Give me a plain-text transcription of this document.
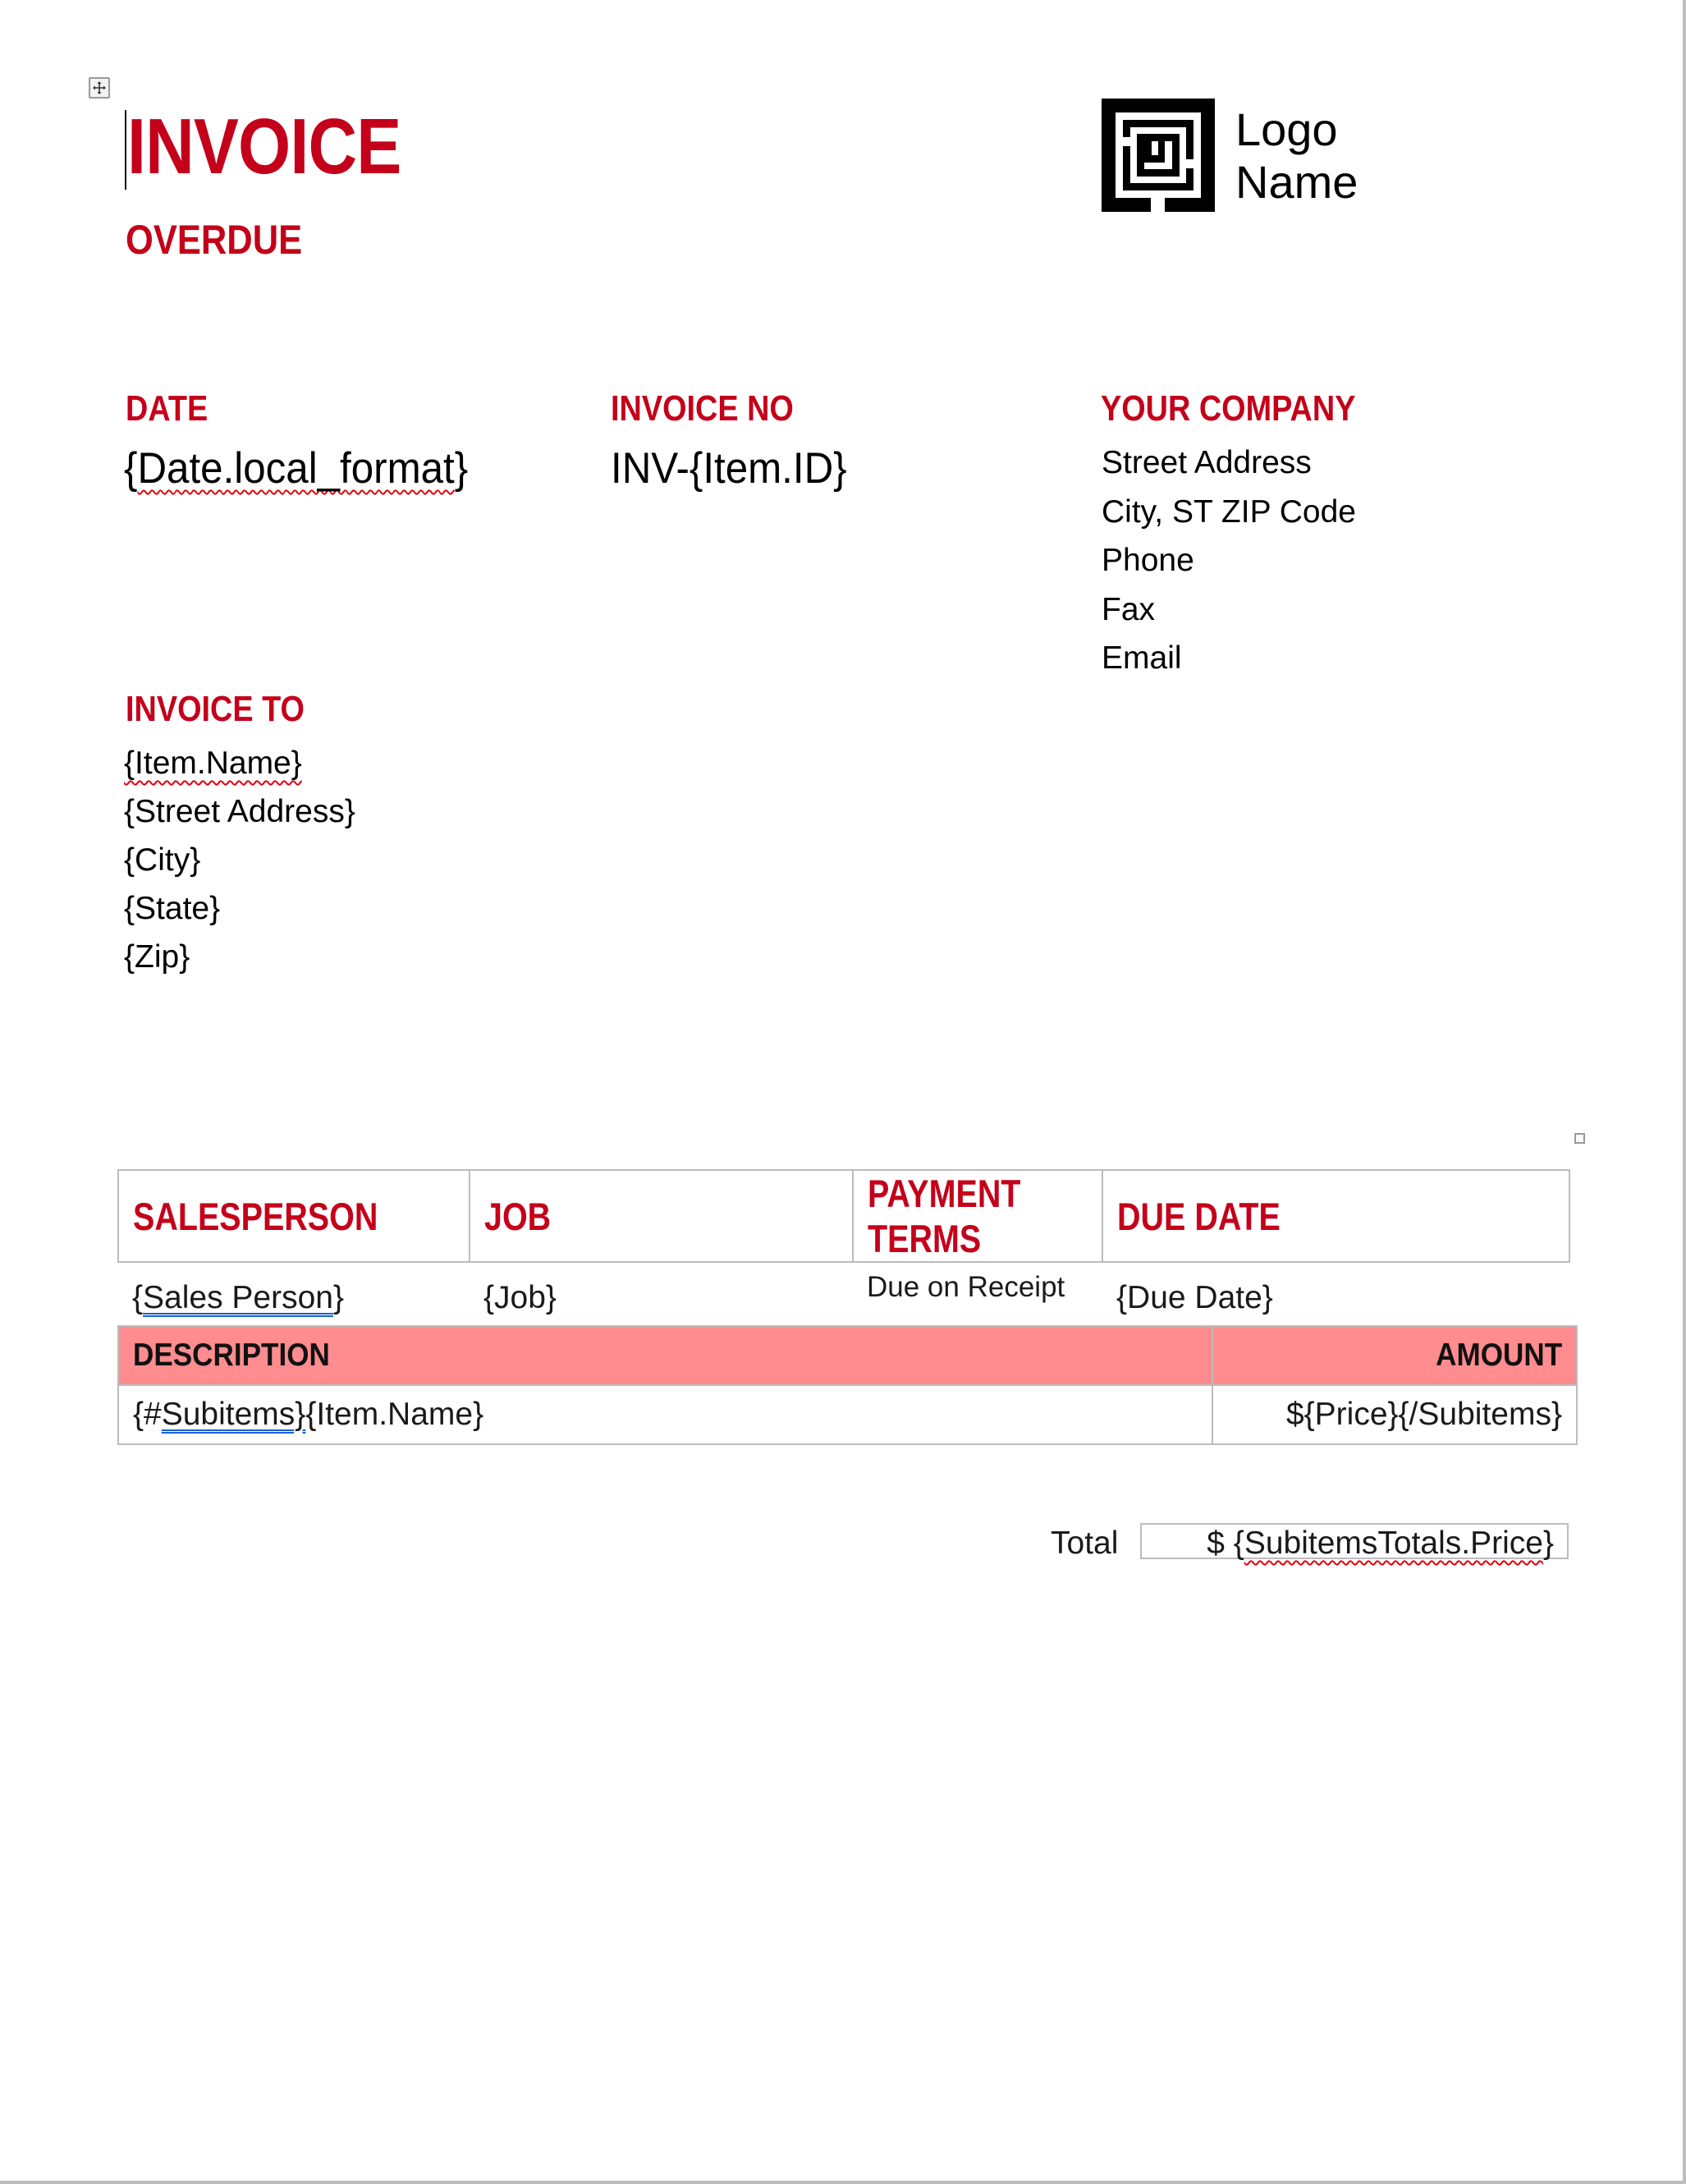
INVOICE
OVERDUE
Logo
Name
DATE
{Date.local_format}
INVOICE NO
INV-{Item.ID}
YOUR COMPANY
Street Address
City, ST ZIP Code
Phone
Fax
Email
INVOICE TO
{Item.Name}
{Street Address}
{City}
{State}
{Zip}
SALESPERSON	JOB	PAYMENT TERMS	DUE DATE
{Sales Person}	{Job}	Due on Receipt	{Due Date}
DESCRIPTION	AMOUNT
{#Subitems}{Item.Name}	${Price}{/Subitems}
Total	$ {SubitemsTotals.Price}
